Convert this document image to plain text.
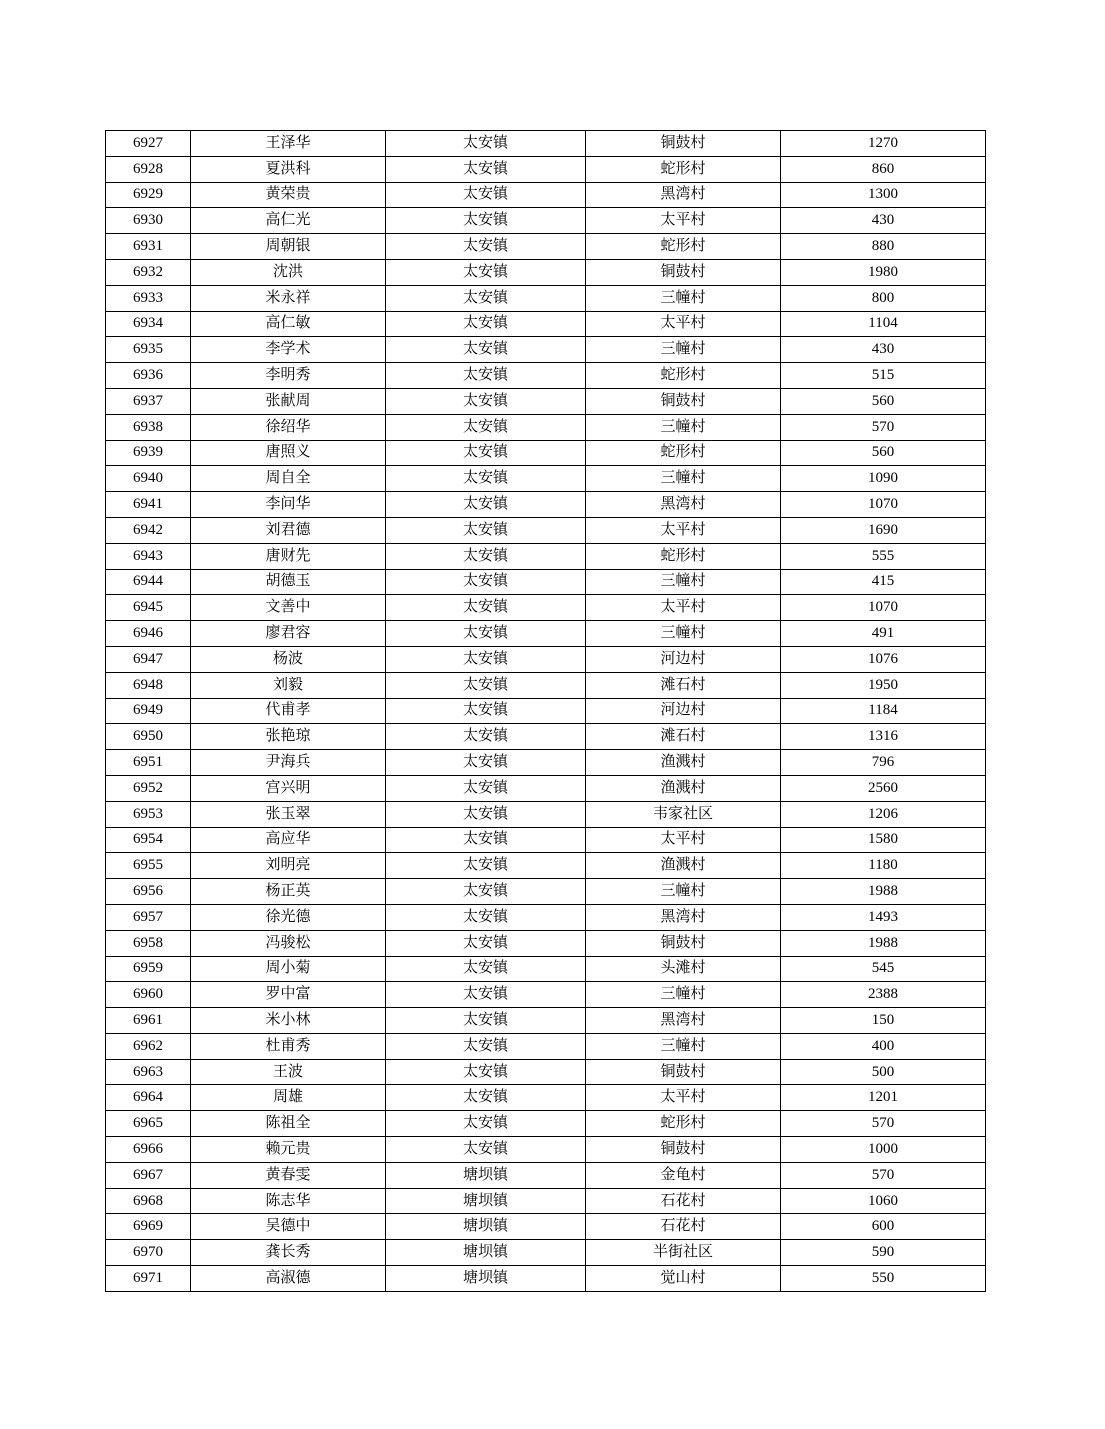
6927	王泽华	太安镇	铜鼓村	1270
6928	夏洪科	太安镇	蛇形村	860
6929	黄荣贵	太安镇	黑湾村	1300
6930	高仁光	太安镇	太平村	430
6931	周朝银	太安镇	蛇形村	880
6932	沈洪	太安镇	铜鼓村	1980
6933	米永祥	太安镇	三幢村	800
6934	高仁敏	太安镇	太平村	1104
6935	李学术	太安镇	三幢村	430
6936	李明秀	太安镇	蛇形村	515
6937	张献周	太安镇	铜鼓村	560
6938	徐绍华	太安镇	三幢村	570
6939	唐照义	太安镇	蛇形村	560
6940	周自全	太安镇	三幢村	1090
6941	李问华	太安镇	黑湾村	1070
6942	刘君德	太安镇	太平村	1690
6943	唐财先	太安镇	蛇形村	555
6944	胡德玉	太安镇	三幢村	415
6945	文善中	太安镇	太平村	1070
6946	廖君容	太安镇	三幢村	491
6947	杨波	太安镇	河边村	1076
6948	刘毅	太安镇	滩石村	1950
6949	代甫孝	太安镇	河边村	1184
6950	张艳琼	太安镇	滩石村	1316
6951	尹海兵	太安镇	渔溅村	796
6952	宫兴明	太安镇	渔溅村	2560
6953	张玉翠	太安镇	韦家社区	1206
6954	高应华	太安镇	太平村	1580
6955	刘明亮	太安镇	渔溅村	1180
6956	杨正英	太安镇	三幢村	1988
6957	徐光德	太安镇	黑湾村	1493
6958	冯骏松	太安镇	铜鼓村	1988
6959	周小菊	太安镇	头滩村	545
6960	罗中富	太安镇	三幢村	2388
6961	米小林	太安镇	黑湾村	150
6962	杜甫秀	太安镇	三幢村	400
6963	王波	太安镇	铜鼓村	500
6964	周雄	太安镇	太平村	1201
6965	陈祖全	太安镇	蛇形村	570
6966	赖元贵	太安镇	铜鼓村	1000
6967	黄春雯	塘坝镇	金龟村	570
6968	陈志华	塘坝镇	石花村	1060
6969	吴德中	塘坝镇	石花村	600
6970	龚长秀	塘坝镇	半街社区	590
6971	高淑德	塘坝镇	觉山村	550
